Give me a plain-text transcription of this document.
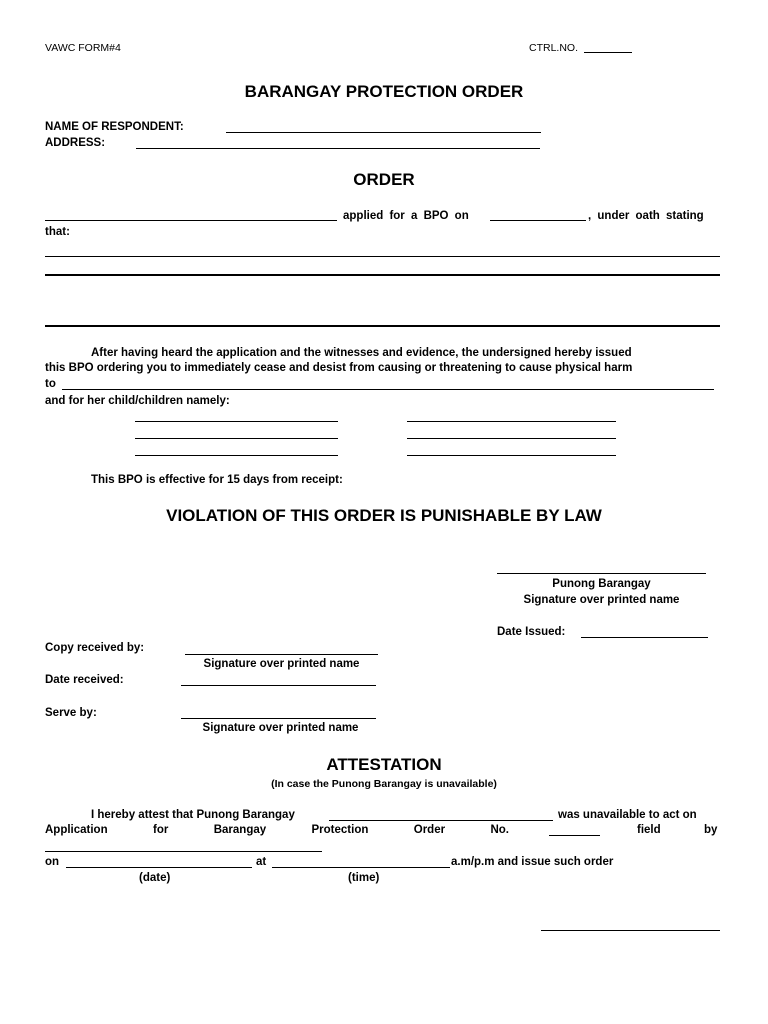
VAWC FORM#4	CTRL.NO.
BARANGAY PROTECTION ORDER
NAME OF RESPONDENT:
ADDRESS:
ORDER
applied for a BPO on	, under oath stating
that:
After having heard the application and the witnesses and evidence, the undersigned hereby issued
this BPO ordering you to immediately cease and desist from causing or threatening to cause physical harm
to
and for her child/children namely:
This BPO is effective for 15 days from receipt:
VIOLATION OF THIS ORDER IS PUNISHABLE BY LAW
Punong Barangay
Signature over printed name
Date Issued:
Copy received by:
Signature over printed name
Date received:
Serve by:
Signature over printed name
ATTESTATION
(In case the Punong Barangay is unavailable)
I hereby attest that Punong Barangay	was unavailable to act on
Application	for	Barangay	Protection	Order	No.	field	by
on	at	a.m/p.m and issue such order
(date)	(time)
